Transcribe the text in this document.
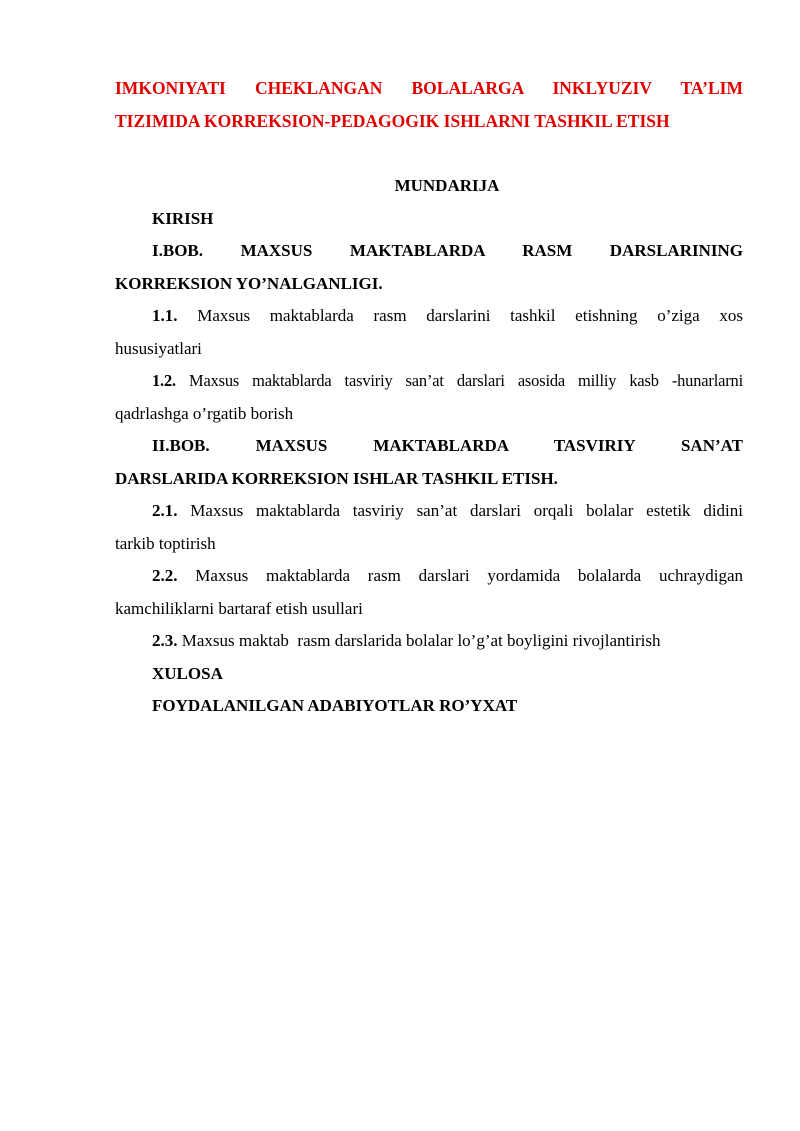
IMKONIYATI CHEKLANGAN BOLALARGA INKLYUZIV TA’LIM
TIZIMIDA KORREKSION-PEDAGOGIK ISHLARNI TASHKIL ETISH
MUNDARIJA

KIRISH

I.BOB. MAXSUS MAKTABLARDA RASM DARSLARINING
KORREKSION YO’NALGANLIGI.

1.1. Maxsus maktablarda rasm darslarini tashkil etishning o’ziga xos
hususiyatlari

1.2. Maxsus maktablarda tasviriy san’at darslari asosida milliy kasb -hunarlarni
qadrlashga o’rgatib borish

II.BOB. MAXSUS MAKTABLARDA TASVIRIY SAN’AT
DARSLARIDA KORREKSION ISHLAR TASHKIL ETISH.

2.1. Maxsus maktablarda tasviriy san’at darslari orqali bolalar estetik didini
tarkib toptirish

2.2. Maxsus maktablarda rasm darslari yordamida bolalarda uchraydigan
kamchiliklarni bartaraf etish usullari

2.3. Maxsus maktab  rasm darslarida bolalar lo’g’at boyligini rivojlantirish

XULOSA

FOYDALANILGAN ADABIYOTLAR RO’YXAT
